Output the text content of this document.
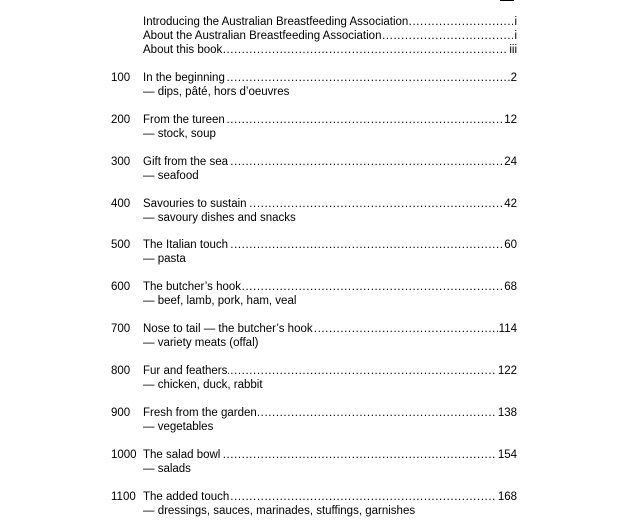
.....
Introducing the Australian Breastfeeding Association	i
.....
About the Australian Breastfeeding Association	i
.....
About this book	iii
100 .....	In the beginning	2
— dips, pâté, hors d’oeuvres
200 .....	From the tureen	12
— stock, soup
300 .....	Gift from the sea	24
— seafood
400 .....	Savouries to sustain	42
— savoury dishes and snacks
500 .....	The Italian touch	60
— pasta
600 .....	The butcher’s hook	68
— beef, lamb, pork, ham, veal
700 .....	Nose to tail — the butcher’s hook	114
— variety meats (offal)
800 .....	Fur and feathers	122
— chicken, duck, rabbit
900 .....	Fresh from the garden	138
— vegetables
1000 ..... The salad bowl	154
— salads
1100 ..... The added touch	168
— dressings, sauces, marinades, stuffings, garnishes
